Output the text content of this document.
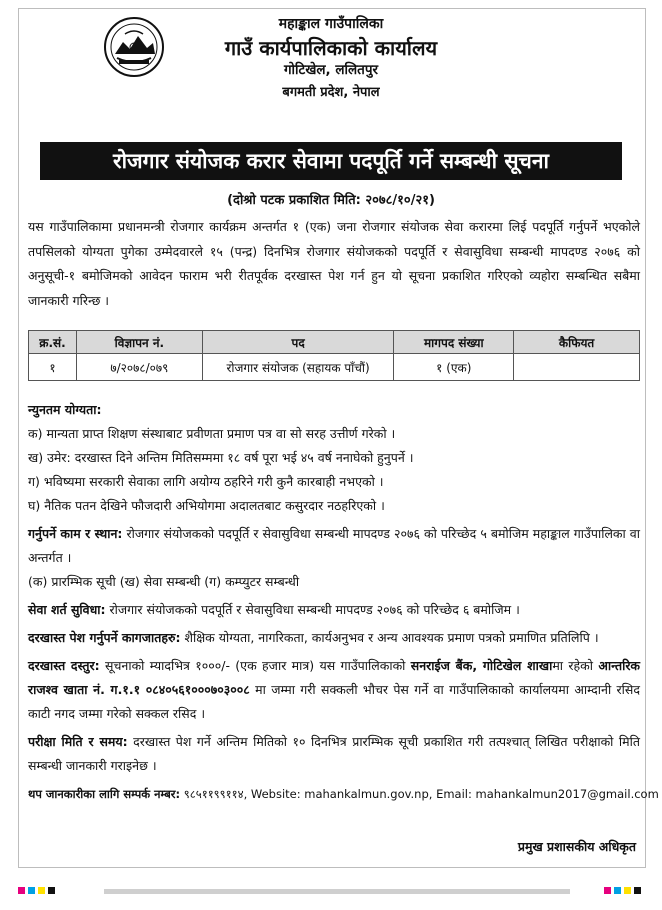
महाङ्काल गाउँपालिका
गाउँ कार्यपालिकाको कार्यालय
गोटिखेल, ललितपुर
बगमती प्रदेश, नेपाल
रोजगार संयोजक करार सेवामा पदपूर्ति गर्ने सम्बन्धी सूचना
(दोश्रो पटक प्रकाशित मिति: २०७८/१०/२१)
यस गाउँपालिकामा प्रधानमन्त्री रोजगार कार्यक्रम अन्तर्गत १ (एक) जना रोजगार संयोजक सेवा करारमा लिई पदपूर्ति गर्नुपर्ने भएकोले तपसिलको योग्यता पुगेका उम्मेदवारले १५ (पन्द्र) दिनभित्र रोजगार संयोजकको पदपूर्ति र सेवासुविधा सम्बन्धी मापदण्ड २०७६ को अनुसूची-१ बमोजिमको आवेदन फाराम भरी रीतपूर्वक दरखास्त पेश गर्न हुन यो सूचना प्रकाशित गरिएको व्यहोरा सम्बन्धित सबैमा जानकारी गरिन्छ ।
क्र.सं.	विज्ञापन नं.	पद	मागपद संख्या	कैफियत
१	७/२०७८/०७९	रोजगार संयोजक (सहायक पाँचौं)	१ (एक)	
न्युनतम योग्यता:
क) मान्यता प्राप्त शिक्षण संस्थाबाट प्रवीणता प्रमाण पत्र वा सो सरह उत्तीर्ण गरेको ।
ख) उमेर: दरखास्त दिने अन्तिम मितिसम्ममा १८ वर्ष पूरा भई ४५ वर्ष ननाघेको हुनुपर्ने ।
ग) भविष्यमा सरकारी सेवाका लागि अयोग्य ठहरिने गरी कुनै कारबाही नभएको ।
घ) नैतिक पतन देखिने फौजदारी अभियोगमा अदालतबाट कसुरदार नठहरिएको ।
गर्नुपर्ने काम र स्थान: रोजगार संयोजकको पदपूर्ति र सेवासुविधा सम्बन्धी मापदण्ड २०७६ को परिच्छेद ५ बमोजिम महाङ्काल गाउँपालिका वा अन्तर्गत ।
(क) प्रारम्भिक सूची (ख) सेवा सम्बन्धी (ग) कम्प्युटर सम्बन्धी
सेवा शर्त सुविधा: रोजगार संयोजकको पदपूर्ति र सेवासुविधा सम्बन्धी मापदण्ड २०७६ को परिच्छेद ६ बमोजिम ।
दरखास्त पेश गर्नुपर्ने कागजातहरु: शैक्षिक योग्यता, नागरिकता, कार्यअनुभव र अन्य आवश्यक प्रमाण पत्रको प्रमाणित प्रतिलिपि ।
दरखास्त दस्तुर: सूचनाको म्यादभित्र १०००/- (एक हजार मात्र) यस गाउँपालिकाको सनराईज बैंक, गोटिखेल शाखामा रहेको आन्तरिक राजश्व खाता नं. ग.१.१ ०८४०५६१०००७०३००८ मा जम्मा गरी सक्कली भौचर पेस गर्ने वा गाउँपालिकाको कार्यालयमा आम्दानी रसिद काटी नगद जम्मा गरेको सक्कल रसिद ।
परीक्षा मिति र समय: दरखास्त पेश गर्ने अन्तिम मितिको १० दिनभित्र प्रारम्भिक सूची प्रकाशित गरी तत्पश्चात् लिखित परीक्षाको मिति सम्बन्धी जानकारी गराइनेछ ।
थप जानकारीका लागि सम्पर्क नम्बर: ९८५११९९११४, Website: mahankalmun.gov.np, Email: mahankalmun2017@gmail.com
प्रमुख प्रशासकीय अधिकृत
